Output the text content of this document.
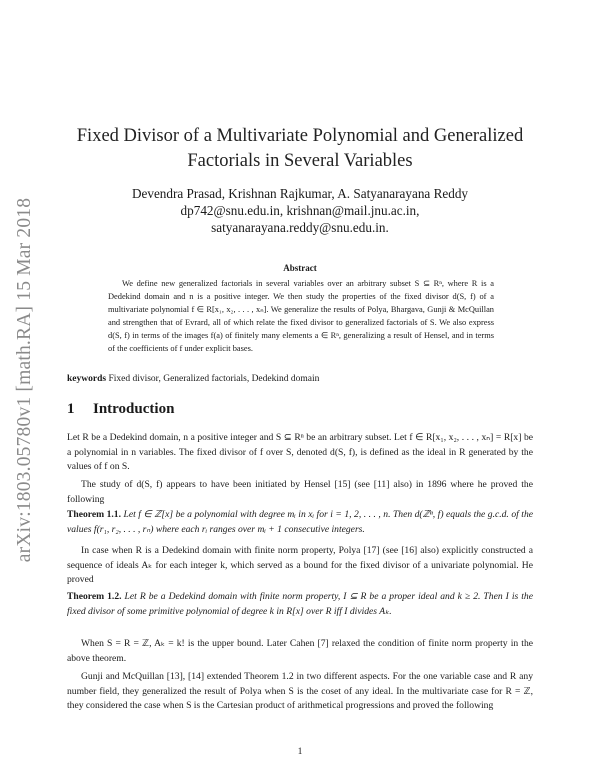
arXiv:1803.05780v1 [math.RA] 15 Mar 2018
Fixed Divisor of a Multivariate Polynomial and Generalized
Factorials in Several Variables
Devendra Prasad, Krishnan Rajkumar, A. Satyanarayana Reddy
dp742@snu.edu.in, krishnan@mail.jnu.ac.in,
satyanarayana.reddy@snu.edu.in.
Abstract
We define new generalized factorials in several variables over an arbitrary subset S ⊆ Rⁿ, where R is a Dedekind domain and n is a positive integer. We then study the properties of the fixed divisor d(S, f) of a multivariate polynomial f ∈ R[x₁, x₂, . . . , xₙ]. We generalize the results of Polya, Bhargava, Gunji & McQuillan and strengthen that of Evrard, all of which relate the fixed divisor to generalized factorials of S. We also express d(S, f) in terms of the images f(a) of finitely many elements a ∈ Rⁿ, generalizing a result of Hensel, and in terms of the coefficients of f under explicit bases.
keywords Fixed divisor, Generalized factorials, Dedekind domain
1 Introduction
Let R be a Dedekind domain, n a positive integer and S ⊆ Rⁿ be an arbitrary subset. Let f ∈ R[x₁, x₂, . . . , xₙ] = R[x] be a polynomial in n variables. The fixed divisor of f over S, denoted d(S, f), is defined as the ideal in R generated by the values of f on S.
The study of d(S, f) appears to have been initiated by Hensel [15] (see [11] also) in 1896 where he proved the following
Theorem 1.1. Let f ∈ ℤ[x] be a polynomial with degree mᵢ in xᵢ for i = 1, 2, . . . , n. Then d(ℤⁿ, f) equals the g.c.d. of the values f(r₁, r₂, . . . , rₙ) where each rᵢ ranges over mᵢ + 1 consecutive integers.
In case when R is a Dedekind domain with finite norm property, Polya [17] (see [16] also) explicitly constructed a sequence of ideals Aₖ for each integer k, which served as a bound for the fixed divisor of a univariate polynomial. He proved
Theorem 1.2. Let R be a Dedekind domain with finite norm property, I ⊆ R be a proper ideal and k ≥ 2. Then I is the fixed divisor of some primitive polynomial of degree k in R[x] over R iff I divides Aₖ.
When S = R = ℤ, Aₖ = k! is the upper bound. Later Cahen [7] relaxed the condition of finite norm property in the above theorem.
Gunji and McQuillan [13], [14] extended Theorem 1.2 in two different aspects. For the one variable case and R any number field, they generalized the result of Polya when S is the coset of any ideal. In the multivariate case for R = ℤ, they considered the case when S is the Cartesian product of arithmetical progressions and proved the following
1
